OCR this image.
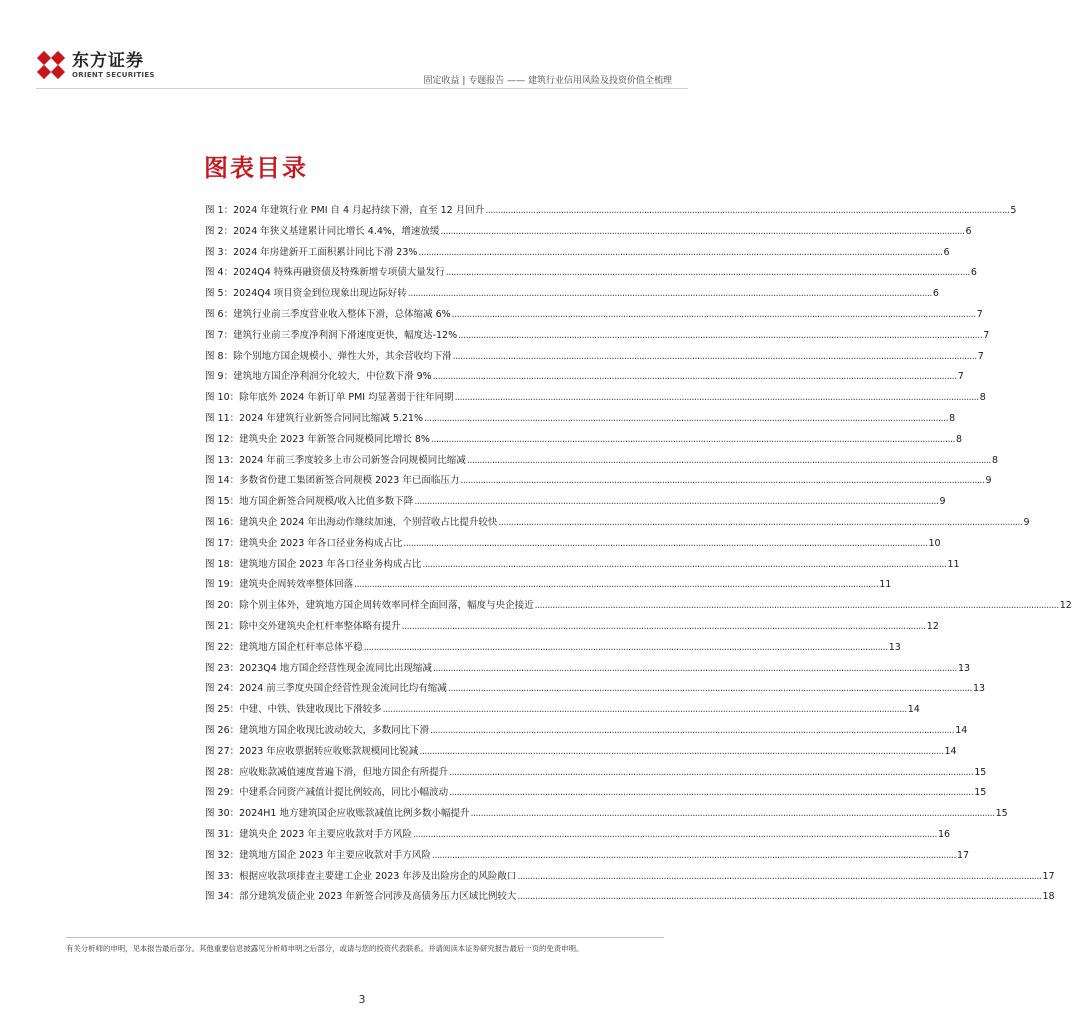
东方证券
ORIENT SECURITIES
固定收益 | 专题报告 —— 建筑行业信用风险及投资价值全梳理
图表目录
图 1：2024 年建筑行业 PMI 自 4 月起持续下滑，直至 12 月回升 .....	5
图 2：2024 年狭义基建累计同比增长 4.4%，增速放缓 .....	6
图 3：2024 年房建新开工面积累计同比下滑 23% .....	6
图 4：2024Q4 特殊再融资债及特殊新增专项债大量发行 .....	6
图 5：2024Q4 项目资金到位现象出现边际好转 .....	6
图 6：建筑行业前三季度营业收入整体下滑，总体缩减 6% .....	7
图 7：建筑行业前三季度净利润下滑速度更快，幅度达-12% .....	7
图 8：除个别地方国企规模小、弹性大外，其余营收均下滑 .....	7
图 9：建筑地方国企净利润分化较大，中位数下滑 9% .....	7
图 10：除年底外 2024 年新订单 PMI 均显著弱于往年同期 .....	8
图 11：2024 年建筑行业新签合同同比缩减 5.21% .....	8
图 12：建筑央企 2023 年新签合同规模同比增长 8% .....	8
图 13：2024 年前三季度较多上市公司新签合同规模同比缩减 .....	8
图 14：多数省份建工集团新签合同规模 2023 年已面临压力 .....	9
图 15：地方国企新签合同规模/收入比值多数下降 .....	9
图 16：建筑央企 2024 年出海动作继续加速，个别营收占比提升较快 .....	9
图 17：建筑央企 2023 年各口径业务构成占比 .....	10
图 18：建筑地方国企 2023 年各口径业务构成占比 .....	11
图 19：建筑央企周转效率整体回落 .....	11
图 20：除个别主体外，建筑地方国企周转效率同样全面回落，幅度与央企接近 .....	12
图 21：除中交外建筑央企杠杆率整体略有提升 .....	12
图 22：建筑地方国企杠杆率总体平稳 .....	13
图 23：2023Q4 地方国企经营性现金流同比出现缩减 .....	13
图 24：2024 前三季度央国企经营性现金流同比均有缩减 .....	13
图 25：中建、中铁、铁建收现比下滑较多 .....	14
图 26：建筑地方国企收现比波动较大，多数同比下滑 .....	14
图 27：2023 年应收票据转应收账款规模同比锐减 .....	14
图 28：应收账款减值速度普遍下滑，但地方国企有所提升 .....	15
图 29：中建系合同资产减值计提比例较高，同比小幅波动 .....	15
图 30：2024H1 地方建筑国企应收账款减值比例多数小幅提升 .....	15
图 31：建筑央企 2023 年主要应收款对手方风险 .....	16
图 32：建筑地方国企 2023 年主要应收款对手方风险 .....	17
图 33：根据应收款项排查主要建工企业 2023 年涉及出险房企的风险敞口 .....	17
图 34：部分建筑发债企业 2023 年新签合同涉及高债务压力区域比例较大 .....	18
有关分析师的申明，见本报告最后部分。其他重要信息披露见分析师申明之后部分，或请与您的投资代表联系。并请阅读本证券研究报告最后一页的免责申明。
3
